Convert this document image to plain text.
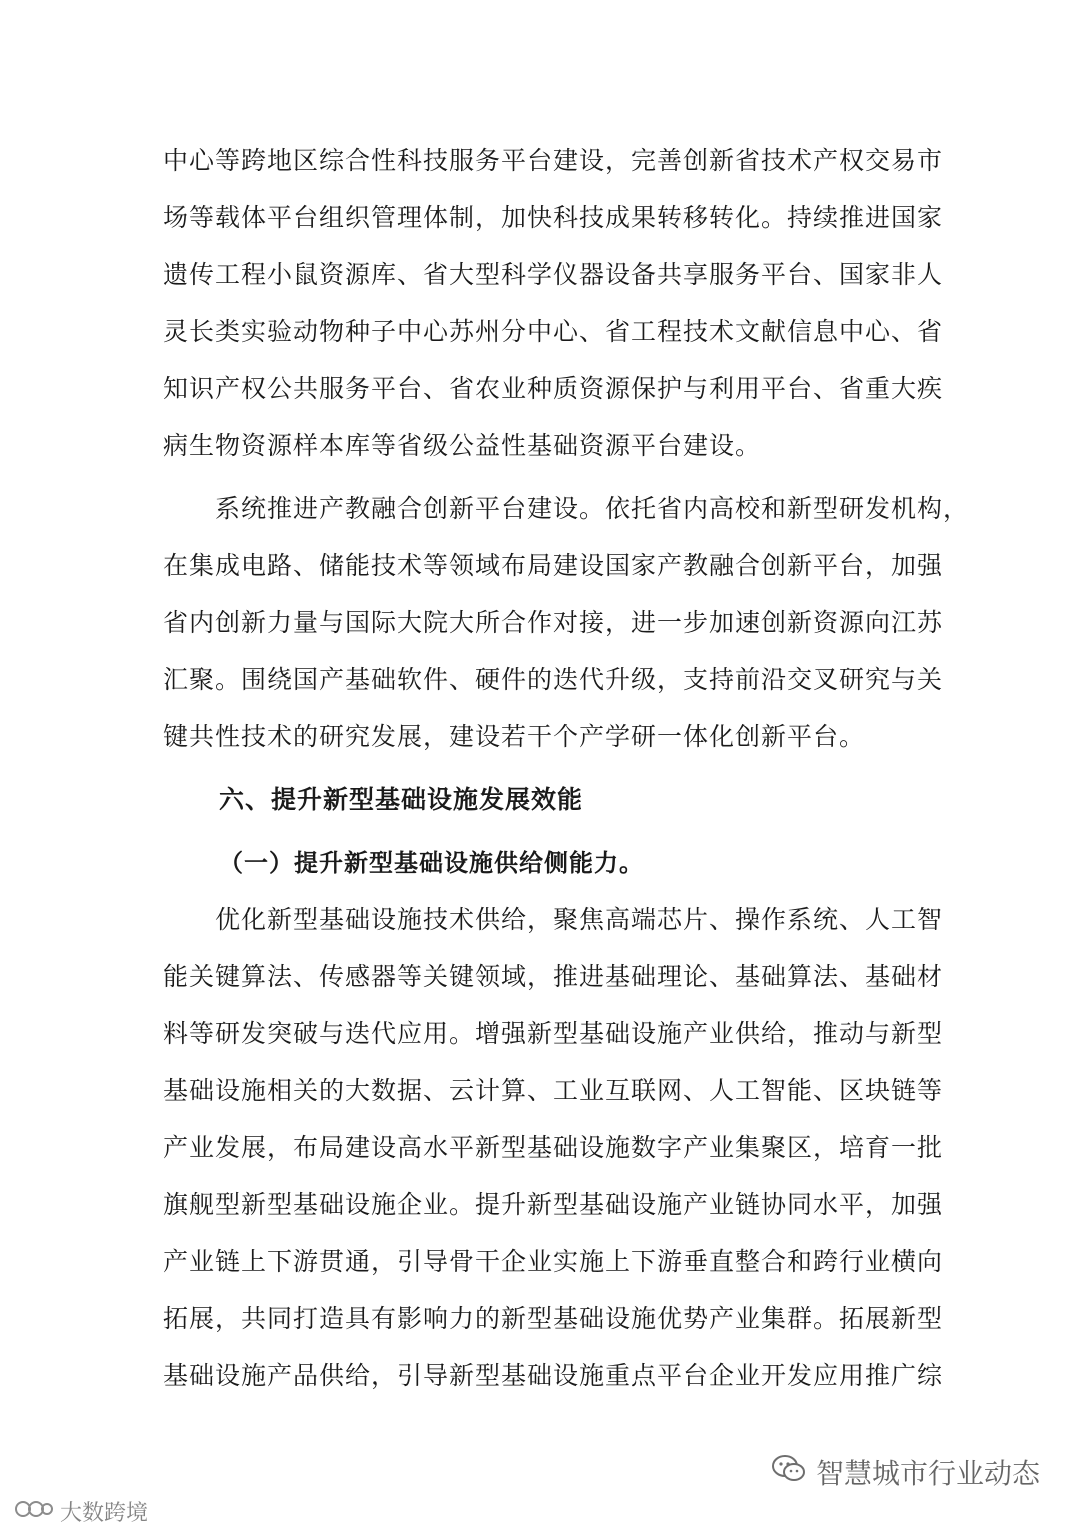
中心等跨地区综合性科技服务平台建设，完善创新省技术产权交易市
场等载体平台组织管理体制，加快科技成果转移转化。持续推进国家
遗传工程小鼠资源库、省大型科学仪器设备共享服务平台、国家非人
灵长类实验动物种子中心苏州分中心、省工程技术文献信息中心、省
知识产权公共服务平台、省农业种质资源保护与利用平台、省重大疾
病生物资源样本库等省级公益性基础资源平台建设。
系统推进产教融合创新平台建设。依托省内高校和新型研发机构，
在集成电路、储能技术等领域布局建设国家产教融合创新平台，加强
省内创新力量与国际大院大所合作对接，进一步加速创新资源向江苏
汇聚。围绕国产基础软件、硬件的迭代升级，支持前沿交叉研究与关
键共性技术的研究发展，建设若干个产学研一体化创新平台。
六、提升新型基础设施发展效能
（一）提升新型基础设施供给侧能力。
优化新型基础设施技术供给，聚焦高端芯片、操作系统、人工智
能关键算法、传感器等关键领域，推进基础理论、基础算法、基础材
料等研发突破与迭代应用。增强新型基础设施产业供给，推动与新型
基础设施相关的大数据、云计算、工业互联网、人工智能、区块链等
产业发展，布局建设高水平新型基础设施数字产业集聚区，培育一批
旗舰型新型基础设施企业。提升新型基础设施产业链协同水平，加强
产业链上下游贯通，引导骨干企业实施上下游垂直整合和跨行业横向
拓展，共同打造具有影响力的新型基础设施优势产业集群。拓展新型
基础设施产品供给，引导新型基础设施重点平台企业开发应用推广综
智慧城市行业动态
大数跨境
